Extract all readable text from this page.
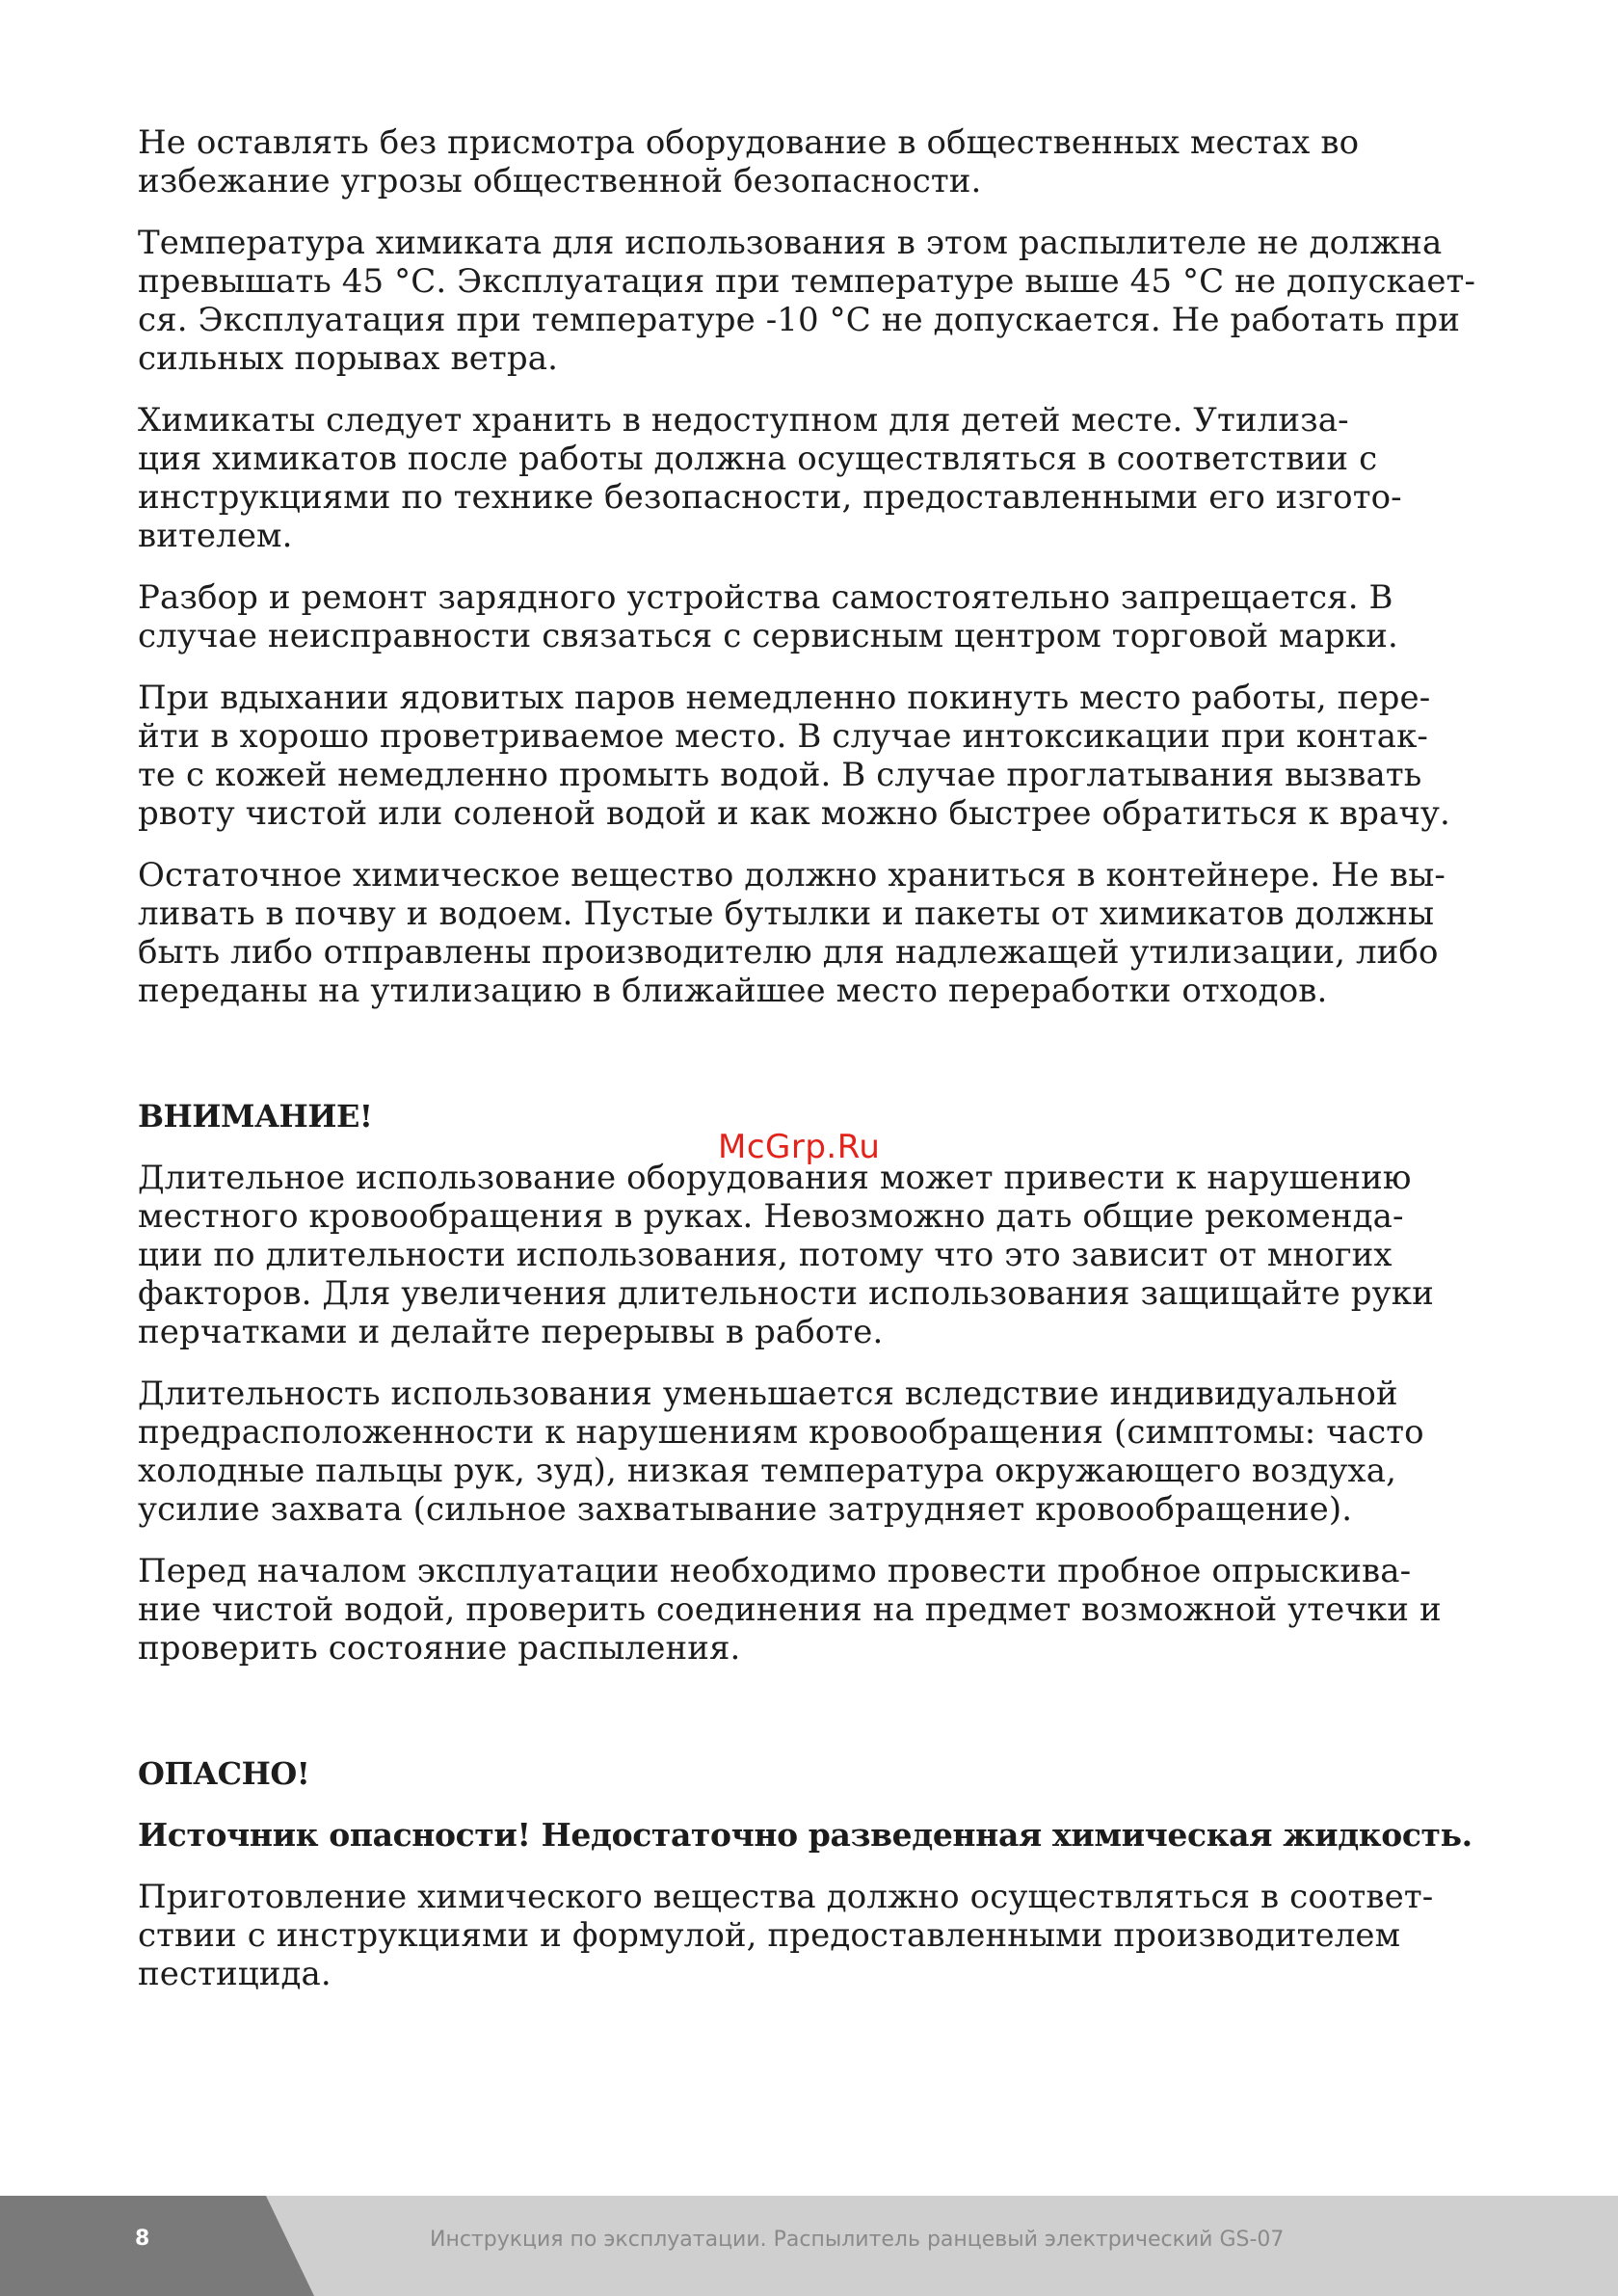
Не оставлять без присмотра оборудование в общественных местах во
избежание угрозы общественной безопасности.
Температура химиката для использования в этом распылителе не должна
превышать 45 °С. Эксплуатация при температуре выше 45 °С не допускает-
ся. Эксплуатация при температуре -10 °С не допускается. Не работать при
сильных порывах ветра.
Химикаты следует хранить в недоступном для детей месте. Утилиза-
ция химикатов после работы должна осуществляться в соответствии с
инструкциями по технике безопасности, предоставленными его изгото-
вителем.
Разбор и ремонт зарядного устройства самостоятельно запрещается. В
случае неисправности связаться с сервисным центром торговой марки.
При вдыхании ядовитых паров немедленно покинуть место работы, пере-
йти в хорошо проветриваемое место. В случае интоксикации при контак-
те с кожей немедленно промыть водой. В случае проглатывания вызвать
рвоту чистой или соленой водой и как можно быстрее обратиться к врачу.
Остаточное химическое вещество должно храниться в контейнере. Не вы-
ливать в почву и водоем. Пустые бутылки и пакеты от химикатов должны
быть либо отправлены производителю для надлежащей утилизации, либо
переданы на утилизацию в ближайшее место переработки отходов.
ВНИМАНИЕ!
Длительное использование оборудования может привести к нарушению
местного кровообращения в руках. Невозможно дать общие рекоменда-
ции по длительности использования, потому что это зависит от многих
факторов. Для увеличения длительности использования защищайте руки
перчатками и делайте перерывы в работе.
Длительность использования уменьшается вследствие индивидуальной
предрасположенности к нарушениям кровообращения (симптомы: часто
холодные пальцы рук, зуд), низкая температура окружающего воздуха,
усилие захвата (сильное захватывание затрудняет кровообращение).
Перед началом эксплуатации необходимо провести пробное опрыскива-
ние чистой водой, проверить соединения на предмет возможной утечки и
проверить состояние распыления.
ОПАСНО!
Источник опасности! Недостаточно разведенная химическая жидкость.
Приготовление химического вещества должно осуществляться в соответ-
ствии с инструкциями и формулой, предоставленными производителем
пестицида.
McGrp.Ru
8	Инструкция по эксплуатации. Распылитель ранцевый электрический GS-07
